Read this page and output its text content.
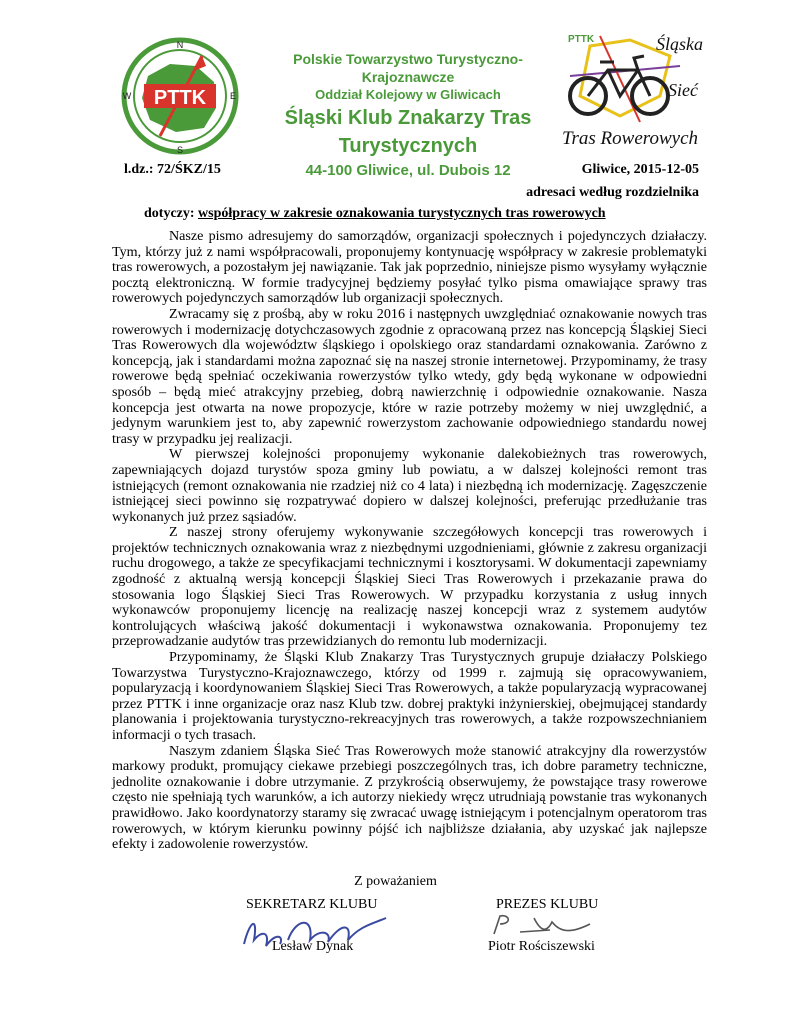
PTTK
N
S
W	E
Polskie Towarzystwo Turystyczno-Krajoznawcze
Oddział Kolejowy w Gliwicach
Śląski Klub Znakarzy Tras Turystycznych
44-100 Gliwice, ul. Dubois 12
PTTK	Śląska
Sieć
Tras Rowerowych
l.dz.: 72/ŚKZ/15	Gliwice, 2015-12-05
adresaci według rozdzielnika
dotyczy: współpracy w zakresie oznakowania turystycznych tras rowerowych

Nasze pismo adresujemy do samorządów, organizacji społecznych i pojedynczych działaczy. Tym, którzy już z nami współpracowali, proponujemy kontynuację współpracy w zakresie problematyki tras rowerowych, a pozostałym jej nawiązanie. Tak jak poprzednio, niniejsze pismo wysyłamy wyłącznie pocztą elektroniczną. W formie tradycyjnej będziemy posyłać tylko pisma omawiające sprawy tras rowerowych pojedynczych samorządów lub organizacji społecznych.

Zwracamy się z prośbą, aby w roku 2016 i następnych uwzględniać oznakowanie nowych tras rowerowych i modernizację dotychczasowych zgodnie z opracowaną przez nas koncepcją Śląskiej Sieci Tras Rowerowych dla województw śląskiego i opolskiego oraz standardami oznakowania. Zarówno z koncepcją, jak i standardami można zapoznać się na naszej stronie internetowej. Przypominamy, że trasy rowerowe będą spełniać oczekiwania rowerzystów tylko wtedy, gdy będą wykonane w odpowiedni sposób – będą mieć atrakcyjny przebieg, dobrą nawierzchnię i odpowiednie oznakowanie. Nasza koncepcja jest otwarta na nowe propozycje, które w razie potrzeby możemy w niej uwzględnić, a jedynym warunkiem jest to, aby zapewnić rowerzystom zachowanie odpowiedniego standardu nowej trasy w przypadku jej realizacji.

W pierwszej kolejności proponujemy wykonanie dalekobieżnych tras rowerowych, zapewniających dojazd turystów spoza gminy lub powiatu, a w dalszej kolejności remont tras istniejących (remont oznakowania nie rzadziej niż co 4 lata) i niezbędną ich modernizację. Zagęszczenie istniejącej sieci powinno się rozpatrywać dopiero w dalszej kolejności, preferując przedłużanie tras wykonanych już przez sąsiadów.

Z naszej strony oferujemy wykonywanie szczegółowych koncepcji tras rowerowych i projektów technicznych oznakowania wraz z niezbędnymi uzgodnieniami, głównie z zakresu organizacji ruchu drogowego, a także ze specyfikacjami technicznymi i kosztorysami. W dokumentacji zapewniamy zgodność z aktualną wersją koncepcji Śląskiej Sieci Tras Rowerowych i przekazanie prawa do stosowania logo Śląskiej Sieci Tras Rowerowych. W przypadku korzystania z usług innych wykonawców proponujemy licencję na realizację naszej koncepcji wraz z systemem audytów kontrolujących właściwą jakość dokumentacji i wykonawstwa oznakowania. Proponujemy tez przeprowadzanie audytów tras przewidzianych do remontu lub modernizacji.

Przypominamy, że Śląski Klub Znakarzy Tras Turystycznych grupuje działaczy Polskiego Towarzystwa Turystyczno-Krajoznawczego, którzy od 1999 r. zajmują się opracowywaniem, popularyzacją i koordynowaniem Śląskiej Sieci Tras Rowerowych, a także popularyzacją wypracowanej przez PTTK i inne organizacje oraz nasz Klub tzw. dobrej praktyki inżynierskiej, obejmującej standardy planowania i projektowania turystyczno-rekreacyjnych tras rowerowych, a także rozpowszechnianiem informacji o tych trasach.

Naszym zdaniem Śląska Sieć Tras Rowerowych może stanowić atrakcyjny dla rowerzystów markowy produkt, promujący ciekawe przebiegi poszczególnych tras, ich dobre parametry techniczne, jednolite oznakowanie i dobre utrzymanie. Z przykrością obserwujemy, że powstające trasy rowerowe często nie spełniają tych warunków, a ich autorzy niekiedy wręcz utrudniają powstanie tras wykonanych prawidłowo. Jako koordynatorzy staramy się zwracać uwagę istniejącym i potencjalnym operatorom tras rowerowych, w którym kierunku powinny pójść ich najbliższe działania, aby uzyskać jak najlepsze efekty i zadowolenie rowerzystów.

Z poważaniem
SEKRETARZ KLUBU	PREZES KLUBU
Lesław Dynak	Piotr Rościszewski
